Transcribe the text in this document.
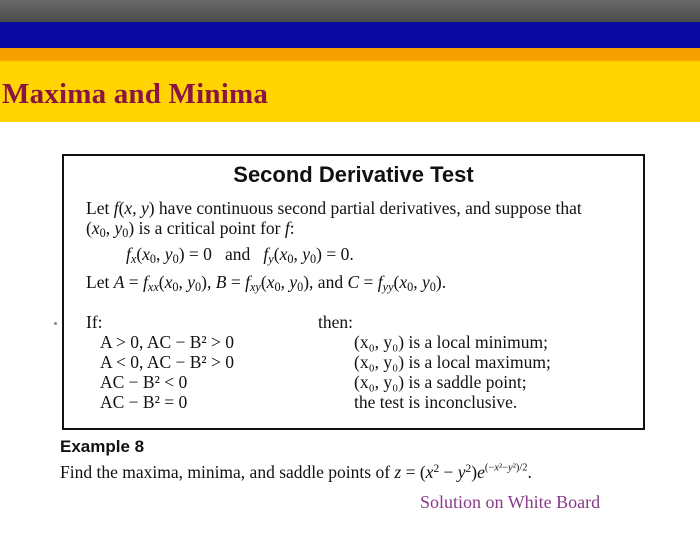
Maxima and Minima
Second Derivative Test

Let f(x, y) have continuous second partial derivatives, and suppose that

($x_0$, $y_0$) is a critical point for f:

$f_x(x_0$, $y_0) = 0$   and   $f_y(x_0$, $y_0) = 0$.

Let $A = f_{xx}(x_0$, $y_0$), $B = f_{xy}(x_0$, $y_0$), and $C = f_{yy}(x_0$, $y_0$).

If:
A > 0, AC − B² > 0
A < 0, AC − B² > 0
AC − B² < 0
AC − B² = 0
then:
(x₀, y₀) is a local minimum;
(x₀, y₀) is a local maximum;
(x₀, y₀) is a saddle point;
the test is inconclusive.

Example 8

Find the maxima, minima, and saddle points of $z = (x^2 - y^2)e^{(-x^2-y^2)/2}$.

Solution on White Board
